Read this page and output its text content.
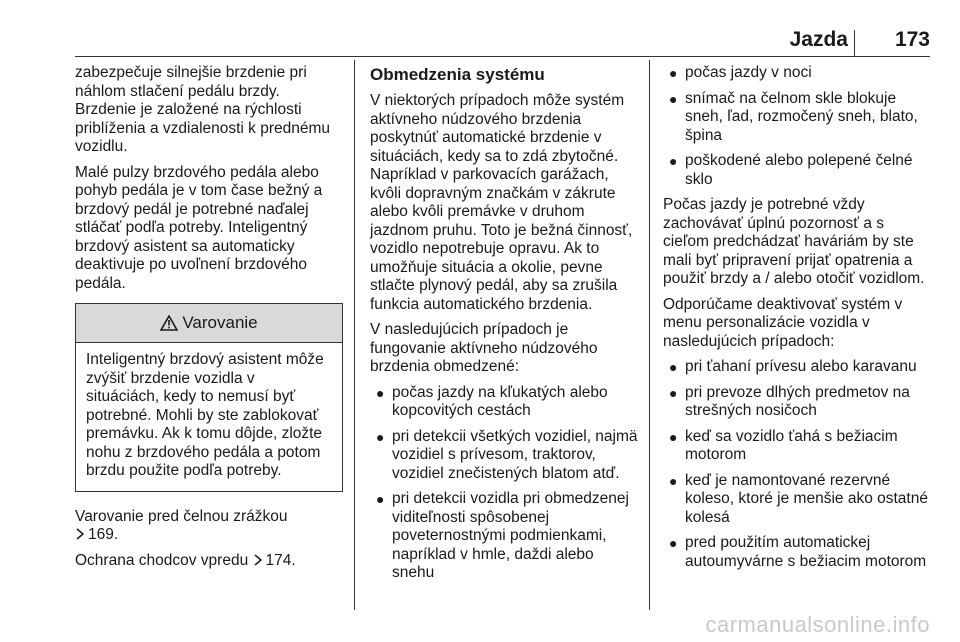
Jazda	173

zabezpečuje silnejšie brzdenie pri náhlom stlačení pedálu brzdy. Brzdenie je založené na rýchlosti priblíženia a vzdialenosti k prednému vozidlu.

Malé pulzy brzdového pedála alebo pohyb pedála je v tom čase bežný a brzdový pedál je potrebné naďalej stláčať podľa potreby. Inteligentný brzdový asistent sa automaticky deaktivuje po uvoľnení brzdového pedála.

Varovanie
Inteligentný brzdový asistent môže zvýšiť brzdenie vozidla v situáciách, kedy to nemusí byť potrebné. Mohli by ste zablokovať premávku. Ak k tomu dôjde, zložte nohu z brzdového pedála a potom brzdu použite podľa potreby.

Varovanie pred čelnou zrážkou
169.

Ochrana chodcov vpredu 174.

Obmedzenia systému

V niektorých prípadoch môže systém aktívneho núdzového brzdenia poskytnúť automatické brzdenie v situáciách, kedy sa to zdá zbytočné. Napríklad v parkovacích garážach, kvôli dopravným značkám v zákrute alebo kvôli premávke v druhom jazdnom pruhu. Toto je bežná činnosť, vozidlo nepotrebuje opravu. Ak to umožňuje situácia a okolie, pevne stlačte plynový pedál, aby sa zrušila funkcia automatického brzdenia.

V nasledujúcich prípadoch je fungovanie aktívneho núdzového brzdenia obmedzené:

● počas jazdy na kľukatých alebo kopcovitých cestách
● pri detekcii všetkých vozidiel, najmä vozidiel s prívesom, traktorov, vozidiel znečistených blatom atď.
● pri detekcii vozidla pri obmedzenej viditeľnosti spôsobenej poveternostnými podmienkami, napríklad v hmle, daždi alebo snehu
● počas jazdy v noci
● snímač na čelnom skle blokuje sneh, ľad, rozmočený sneh, blato, špina
● poškodené alebo polepené čelné sklo

Počas jazdy je potrebné vždy zachovávať úplnú pozornosť a s cieľom predchádzať haváriám by ste mali byť pripravení prijať opatrenia a použiť brzdy a / alebo otočiť vozidlom.

Odporúčame deaktivovať systém v menu personalizácie vozidla v nasledujúcich prípadoch:

● pri ťahaní prívesu alebo karavanu
● pri prevoze dlhých predmetov na strešných nosičoch
● keď sa vozidlo ťahá s bežiacim motorom
● keď je namontované rezervné koleso, ktoré je menšie ako ostatné kolesá
● pred použitím automatickej autoumyvárne s bežiacim motorom
carmanualsonline.info
